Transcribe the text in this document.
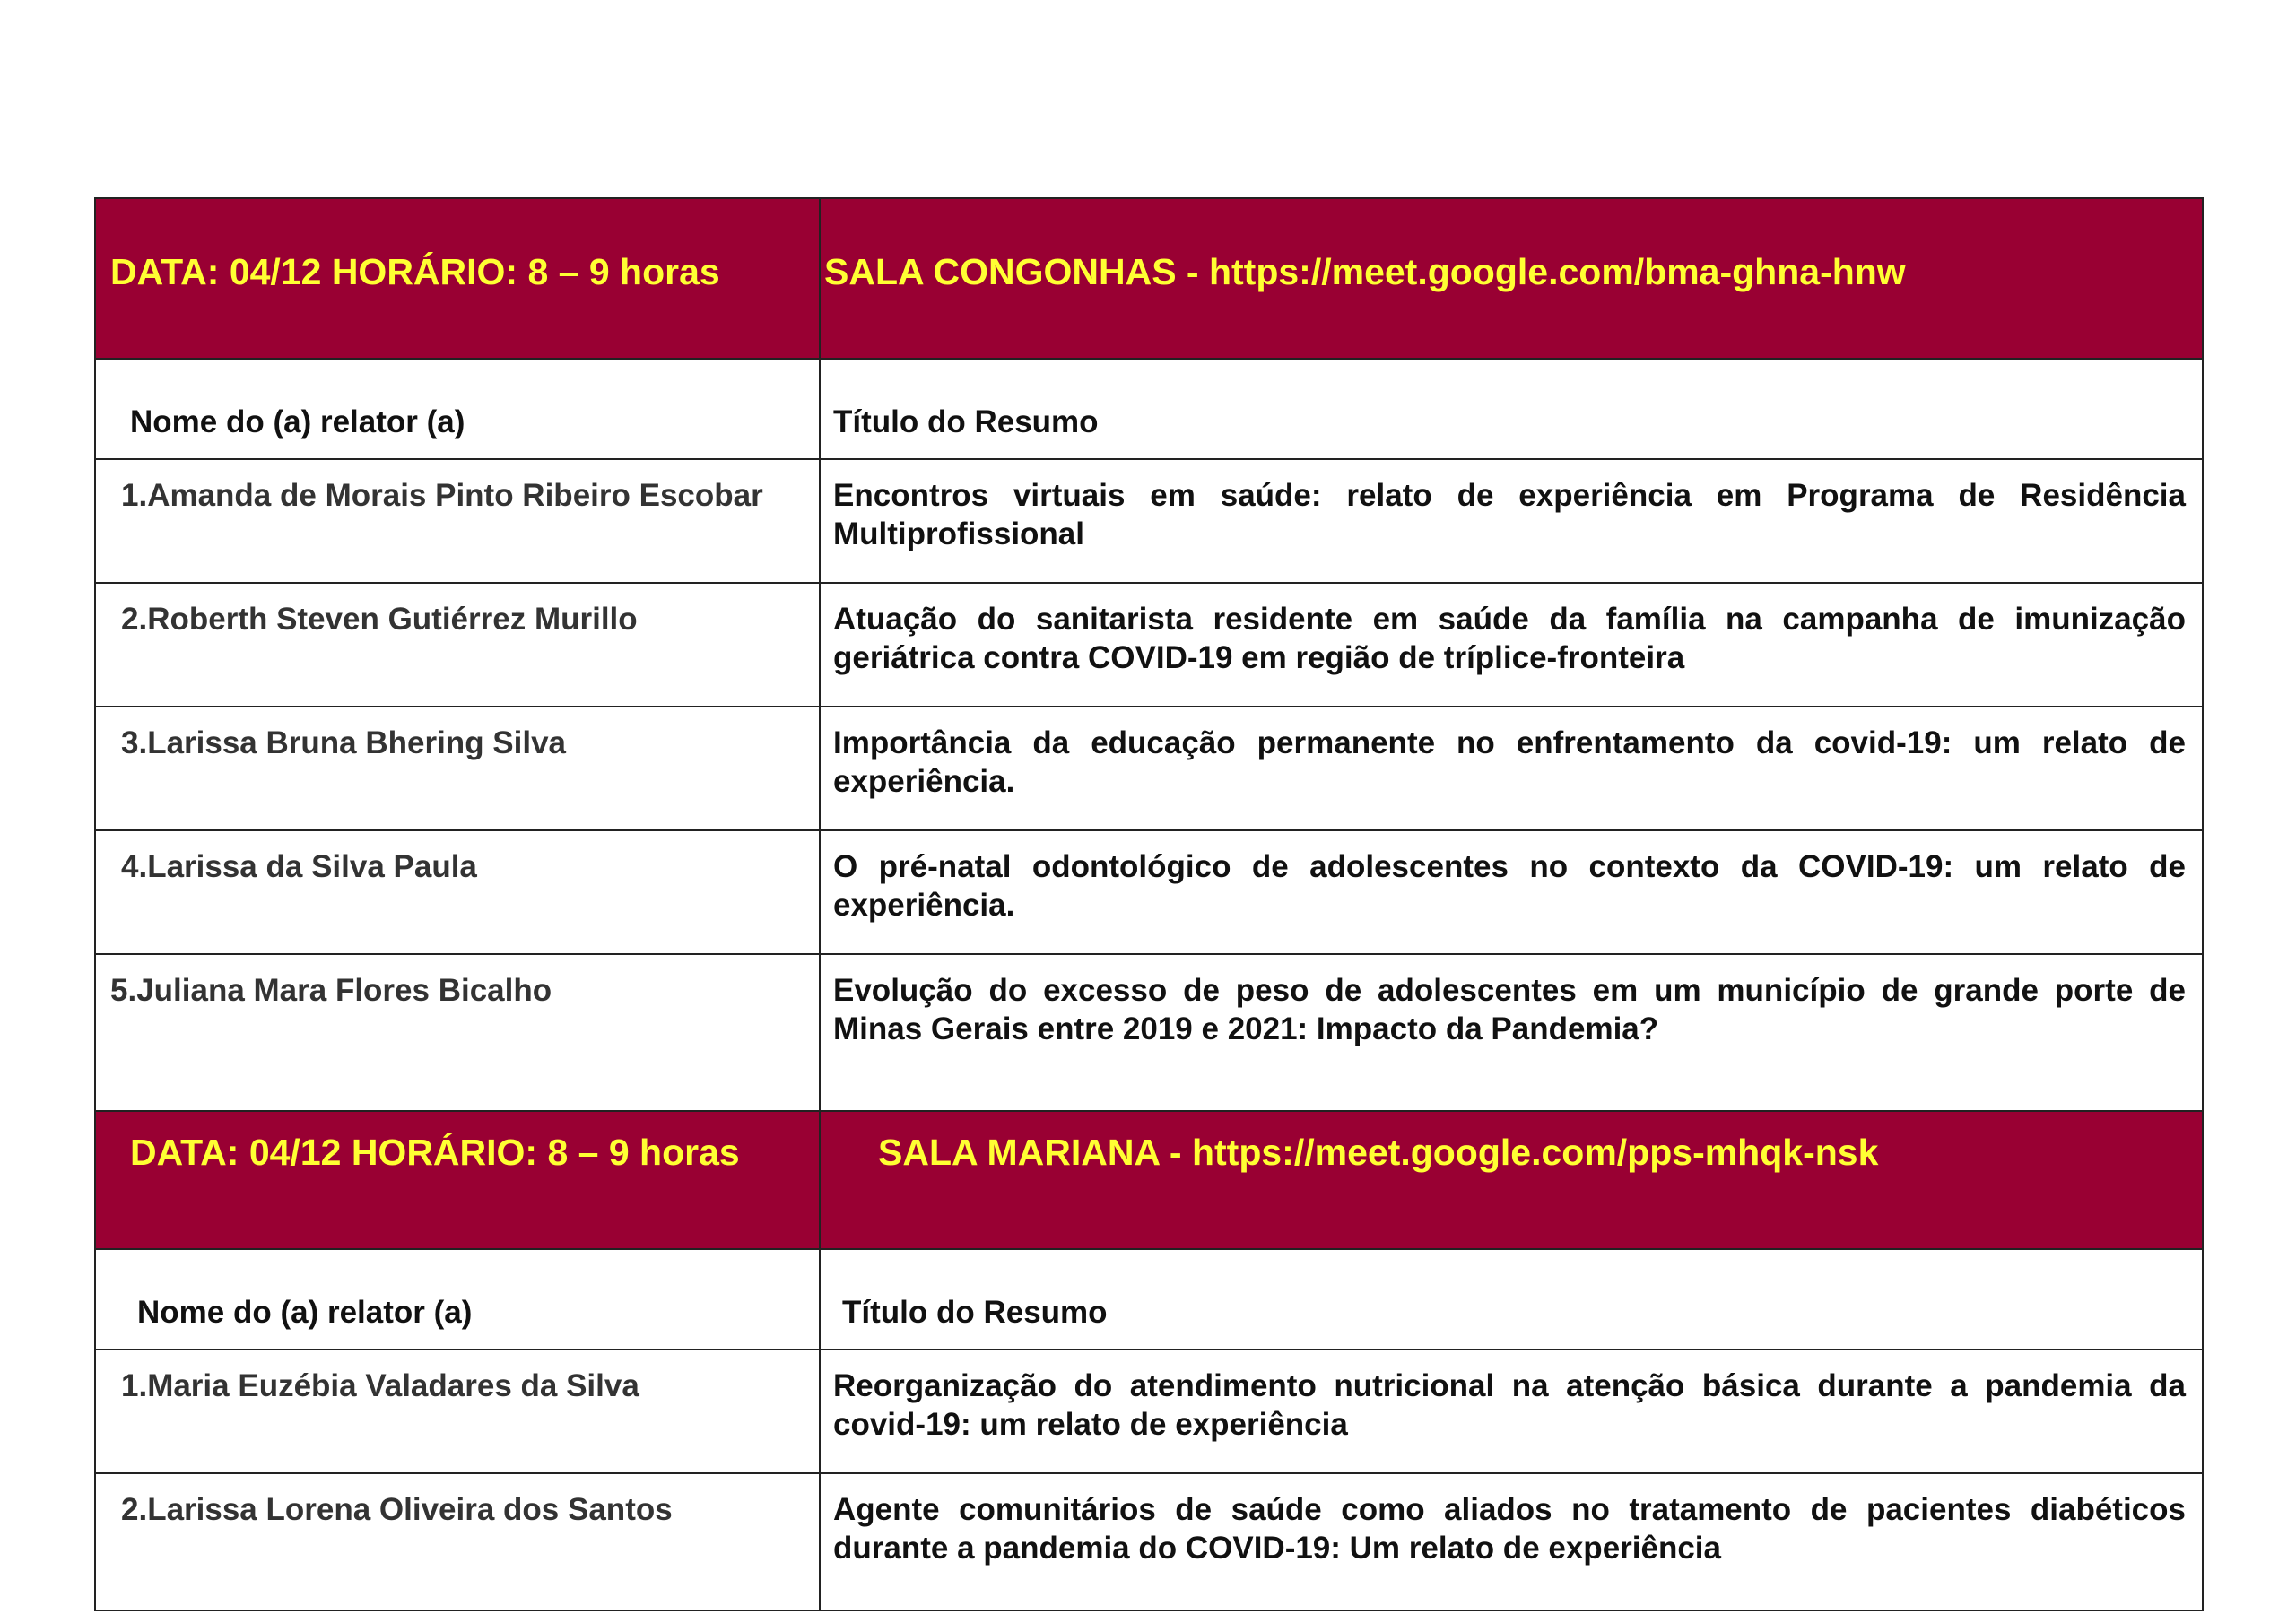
DATA: 04/12 HORÁRIO: 8 – 9 horas	SALA CONGONHAS - https://meet.google.com/bma-ghna-hnw

Nome do (a) relator (a)	Título do Resumo

1.Amanda de Morais Pinto Ribeiro Escobar	Encontros virtuais em saúde: relato de experiência em Programa de Residência Multiprofissional
2.Roberth Steven Gutiérrez Murillo	Atuação do sanitarista residente em saúde da família na campanha de imunização geriátrica contra COVID-19 em região de tríplice-fronteira
3.Larissa Bruna Bhering Silva	Importância da educação permanente no enfrentamento da covid-19: um relato de experiência.
4.Larissa da Silva Paula	O pré-natal odontológico de adolescentes no contexto da COVID-19: um relato de experiência.
5.Juliana Mara Flores Bicalho	Evolução do excesso de peso de adolescentes em um município de grande porte de Minas Gerais entre 2019 e 2021: Impacto da Pandemia?
DATA: 04/12 HORÁRIO: 8 – 9 horas	SALA MARIANA - https://meet.google.com/pps-mhqk-nsk

Nome do (a) relator (a)	Título do Resumo

1.Maria Euzébia Valadares da Silva	Reorganização do atendimento nutricional na atenção básica durante a pandemia da covid-19: um relato de experiência
2.Larissa Lorena Oliveira dos Santos	Agente comunitários de saúde como aliados no tratamento de pacientes diabéticos durante a pandemia do COVID-19: Um relato de experiência
